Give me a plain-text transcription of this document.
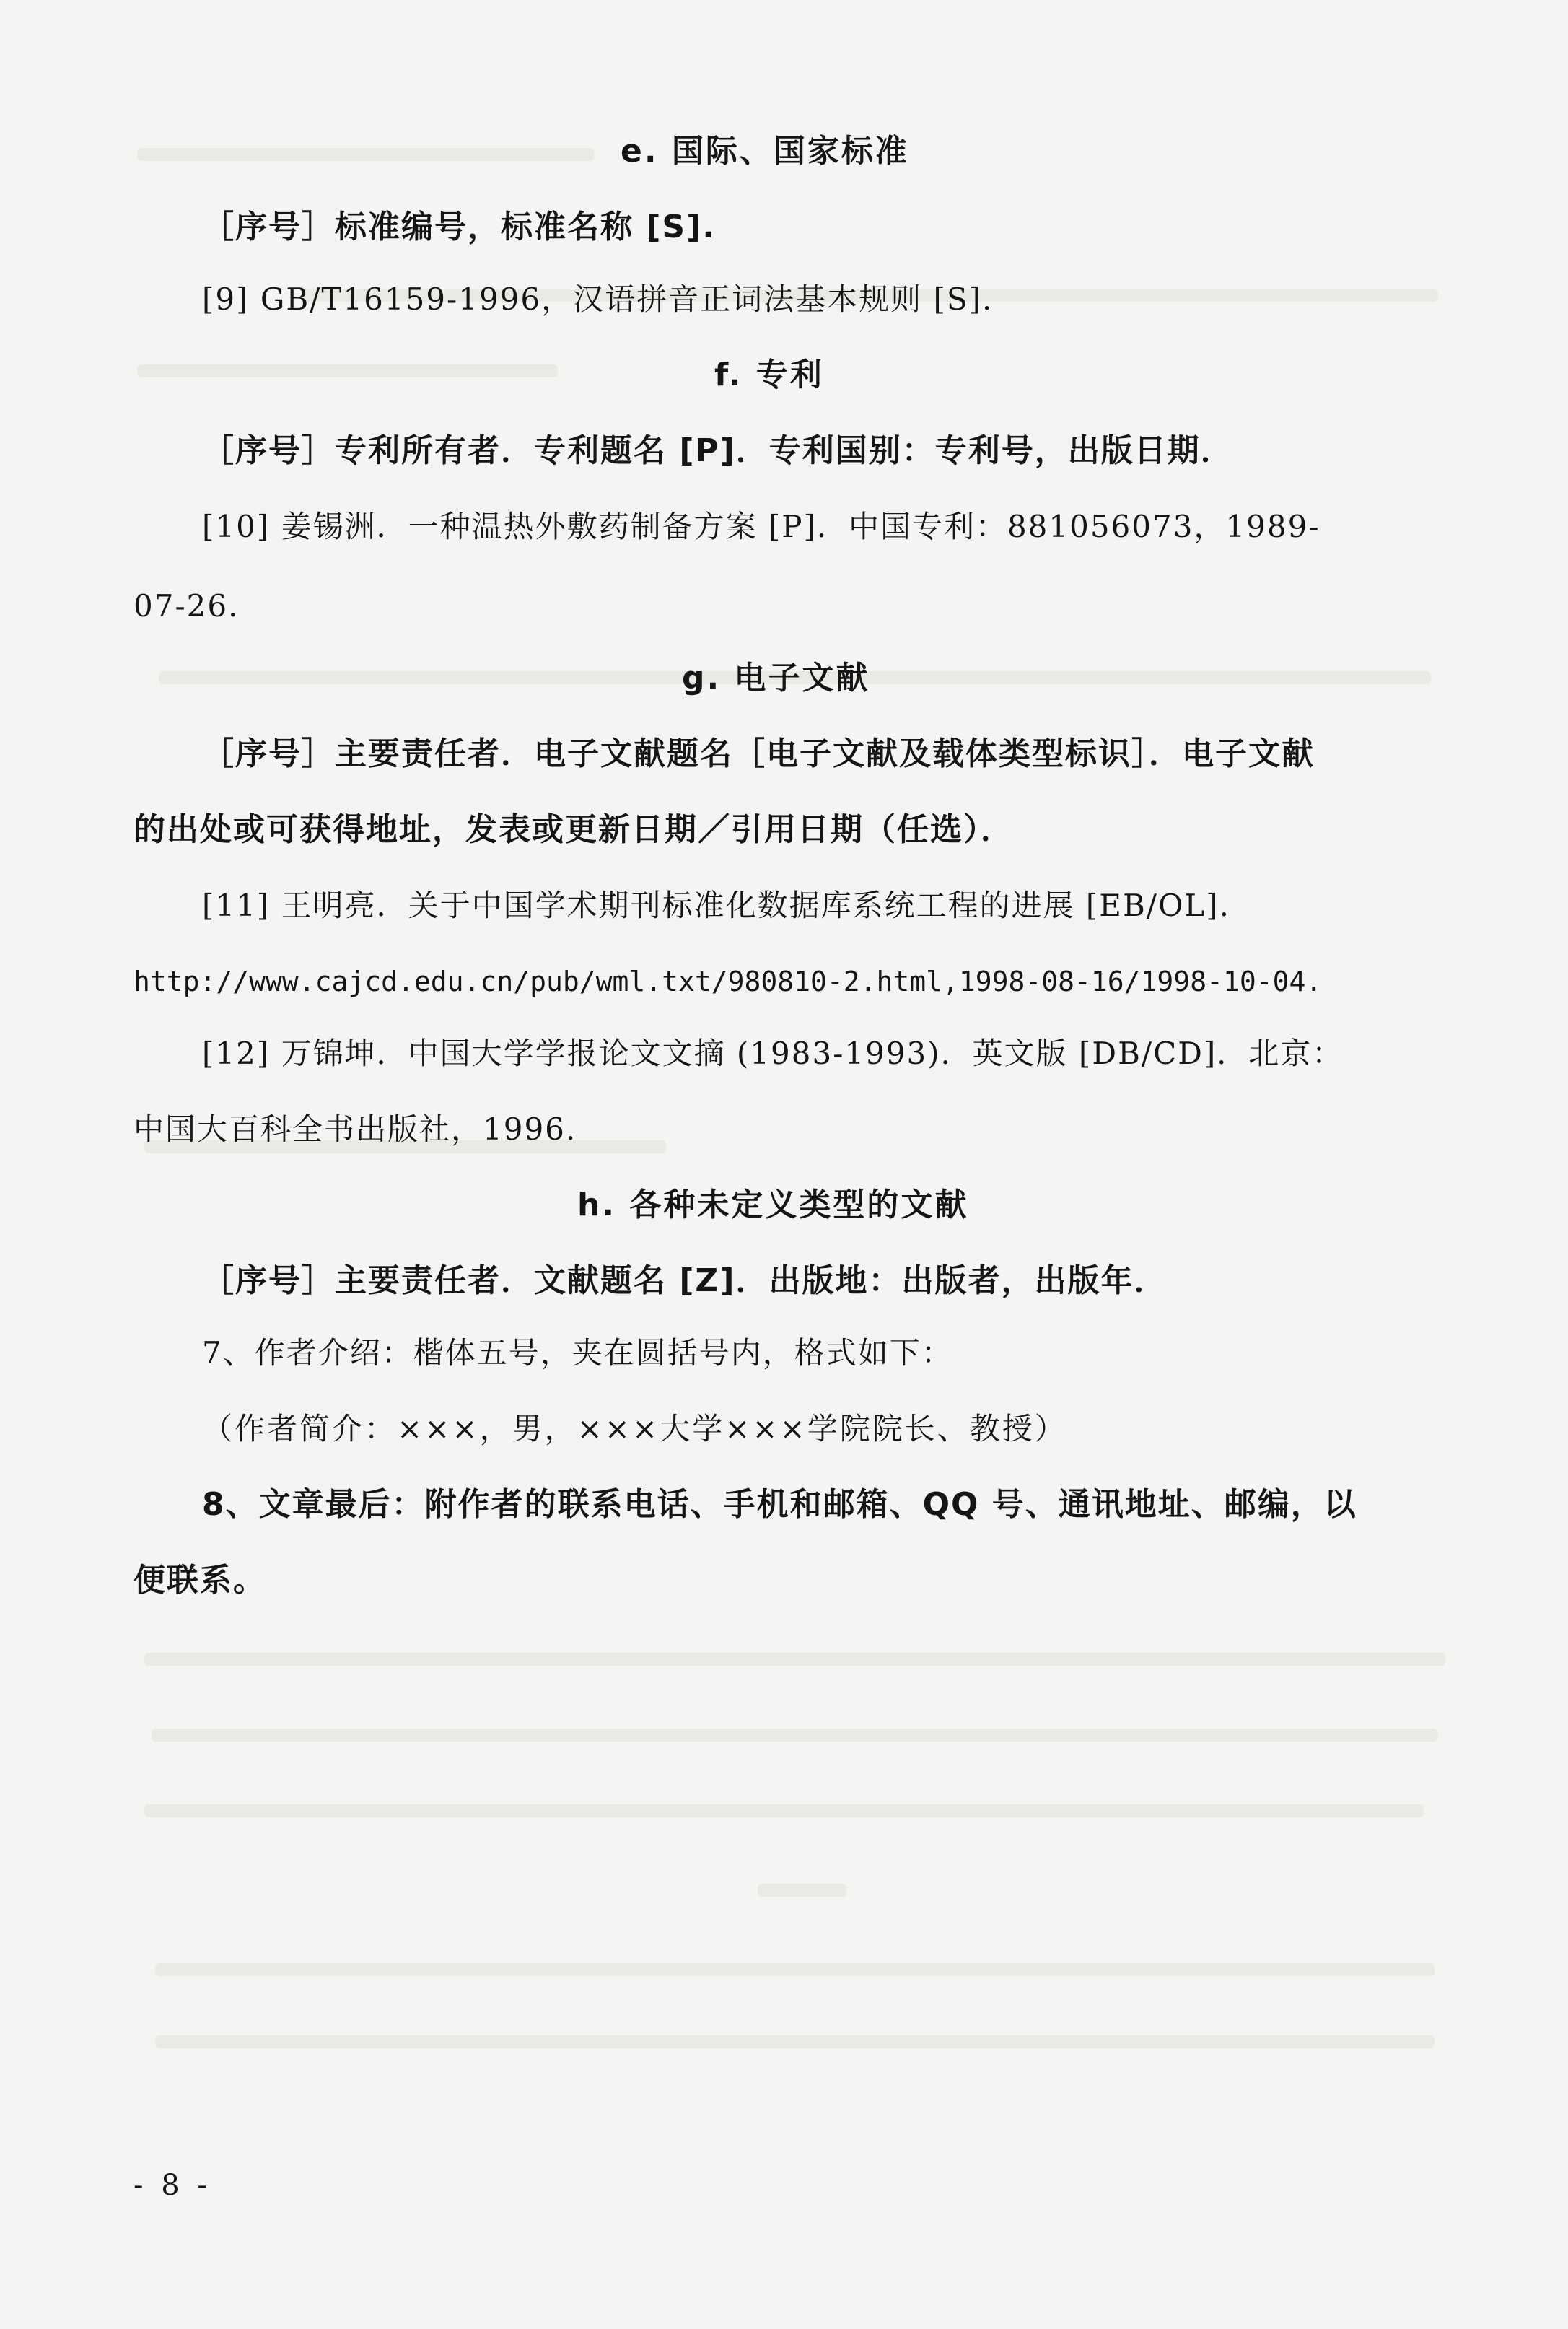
e. 国际、国家标准
［序号］标准编号，标准名称 [S].
[9] GB/T16159-1996，汉语拼音正词法基本规则 [S].
f. 专利
［序号］专利所有者．专利题名 [P]．专利国别：专利号，出版日期．
[10] 姜锡洲．一种温热外敷药制备方案 [P]．中国专利：881056073，1989-
07-26.
g. 电子文献
［序号］主要责任者．电子文献题名［电子文献及载体类型标识］．电子文献
的出处或可获得地址，发表或更新日期／引用日期（任选）．
[11] 王明亮．关于中国学术期刊标准化数据库系统工程的进展 [EB/OL].
http://www.cajcd.edu.cn/pub/wml.txt/980810-2.html,1998-08-16/1998-10-04.
[12] 万锦坤．中国大学学报论文文摘 (1983-1993)．英文版 [DB/CD]．北京：
中国大百科全书出版社，1996.
h. 各种未定义类型的文献
［序号］主要责任者．文献题名 [Z]．出版地：出版者，出版年．
7、作者介绍：楷体五号，夹在圆括号内，格式如下：
（作者简介：×××，男，×××大学×××学院院长、教授）
8、文章最后：附作者的联系电话、手机和邮箱、QQ 号、通讯地址、邮编，以
便联系。
- 8 -
